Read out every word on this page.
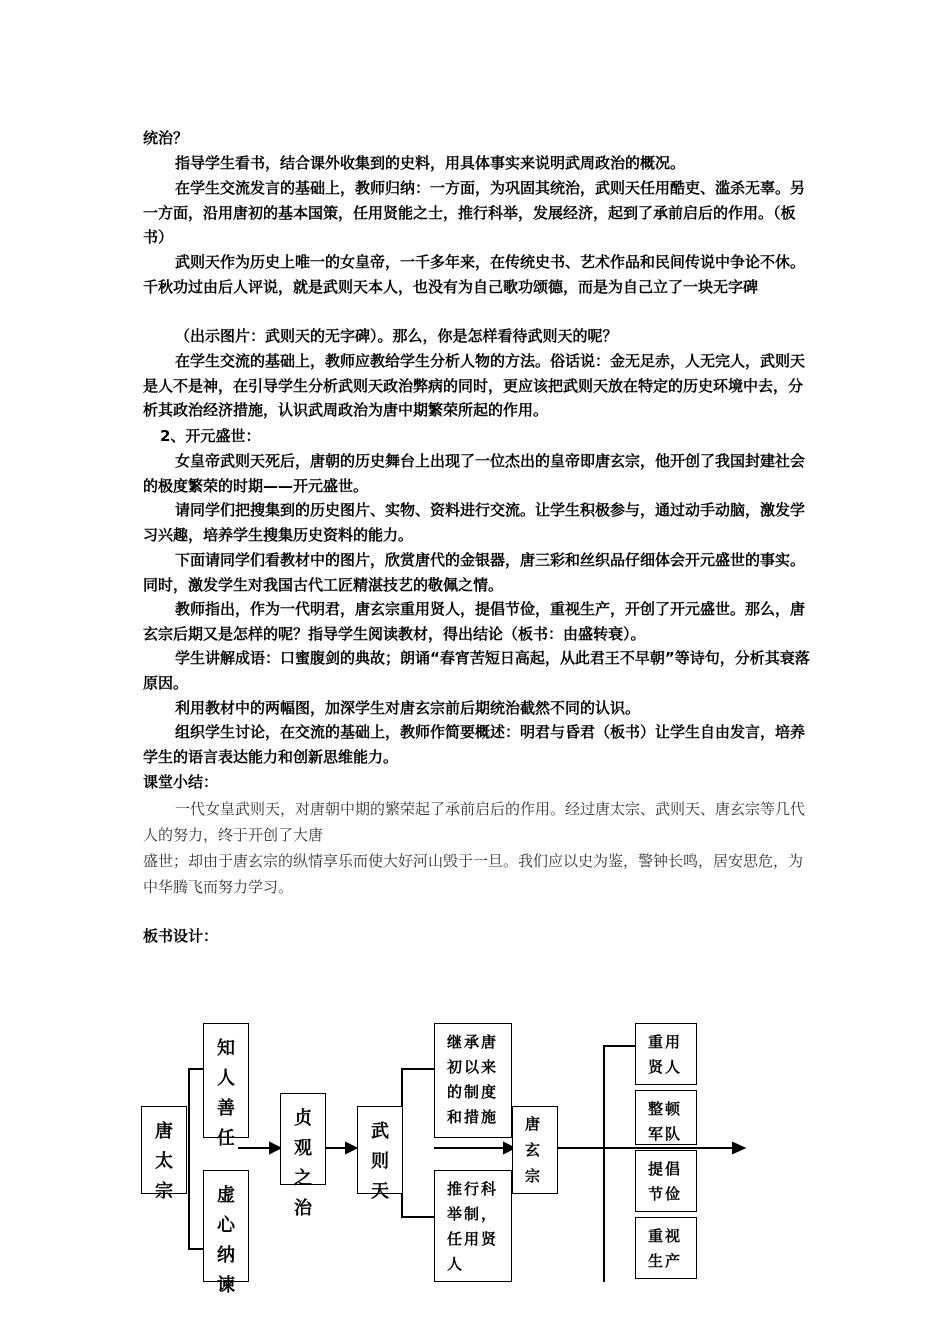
统治？

指导学生看书，结合课外收集到的史料，用具体事实来说明武周政治的概况。

在学生交流发言的基础上，教师归纳：一方面，为巩固其统治，武则天任用酷吏、滥杀无辜。另一方面，沿用唐初的基本国策，任用贤能之士，推行科举，发展经济，起到了承前启后的作用。（板书）

武则天作为历史上唯一的女皇帝，一千多年来，在传统史书、艺术作品和民间传说中争论不休。千秋功过由后人评说，就是武则天本人，也没有为自己歌功颂德，而是为自己立了一块无字碑

（出示图片：武则天的无字碑）。那么，你是怎样看待武则天的呢？

在学生交流的基础上，教师应教给学生分析人物的方法。俗话说：金无足赤，人无完人，武则天是人不是神，在引导学生分析武则天政治弊病的同时，更应该把武则天放在特定的历史环境中去，分析其政治经济措施，认识武周政治为唐中期繁荣所起的作用。

2、开元盛世：

女皇帝武则天死后，唐朝的历史舞台上出现了一位杰出的皇帝即唐玄宗，他开创了我国封建社会的极度繁荣的时期——开元盛世。

请同学们把搜集到的历史图片、实物、资料进行交流。让学生积极参与，通过动手动脑，激发学习兴趣，培养学生搜集历史资料的能力。

下面请同学们看教材中的图片，欣赏唐代的金银器，唐三彩和丝织品仔细体会开元盛世的事实。同时，激发学生对我国古代工匠精湛技艺的敬佩之情。

教师指出，作为一代明君，唐玄宗重用贤人，提倡节俭，重视生产，开创了开元盛世。那么，唐玄宗后期又是怎样的呢？指导学生阅读教材，得出结论（板书：由盛转衰）。

学生讲解成语：口蜜腹剑的典故；朗诵“春宵苦短日高起，从此君王不早朝”等诗句，分析其衰落原因。

利用教材中的两幅图，加深学生对唐玄宗前后期统治截然不同的认识。

组织学生讨论，在交流的基础上，教师作简要概述：明君与昏君（板书）让学生自由发言，培养学生的语言表达能力和创新思维能力。

课堂小结：

一代女皇武则天，对唐朝中期的繁荣起了承前启后的作用。经过唐太宗、武则天、唐玄宗等几代人的努力，终于开创了大唐

盛世；却由于唐玄宗的纵情享乐而使大好河山毁于一旦。我们应以史为鉴，警钟长鸣，居安思危，为中华腾飞而努力学习。

板书设计：

唐太宗
知人善任
虚心纳谏
贞观之治
武则天
继承唐初以来的制度和措施
推行科举制，任用贤人
唐玄宗
重用贤人
整顿军队
提倡节俭
重视生产
